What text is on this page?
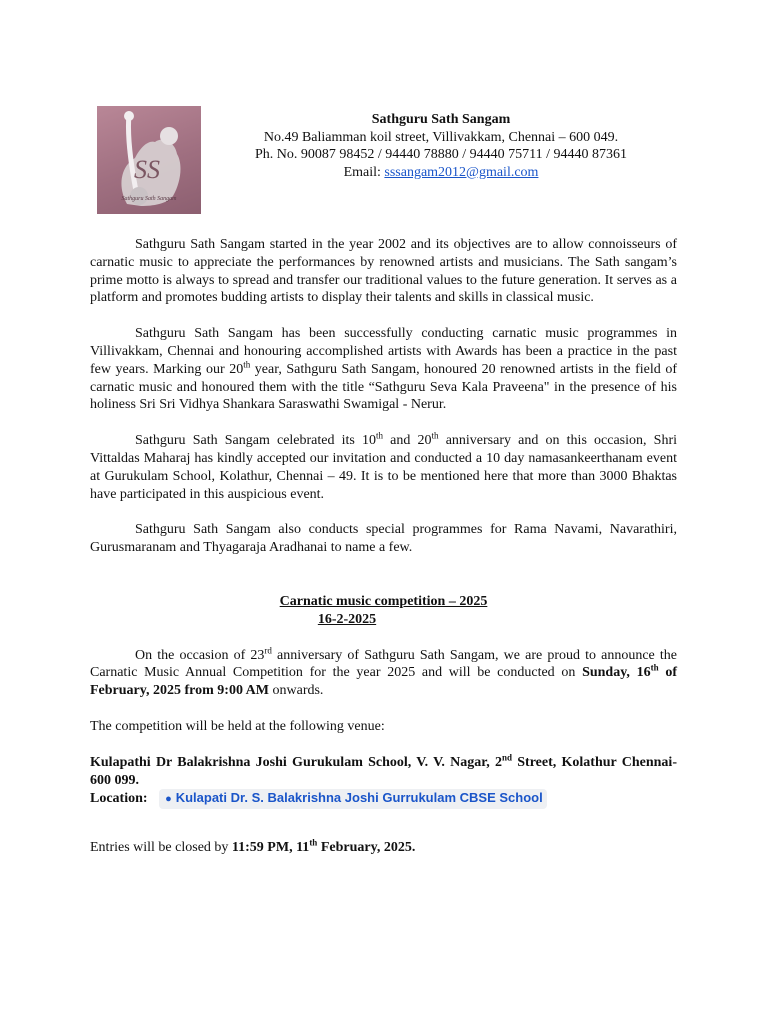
SS
Sathguru Sath Sangam
Sathguru Sath Sangam
No.49 Baliamman koil street, Villivakkam, Chennai – 600 049.
Ph. No. 90087 98452 / 94440 78880 / 94440 75711 / 94440 87361
Email: sssangam2012@gmail.com

Sathguru Sath Sangam started in the year 2002 and its objectives are to allow connoisseurs of carnatic music to appreciate the performances by renowned artists and musicians. The Sath sangam’s prime motto is always to spread and transfer our traditional values to the future generation. It serves as a platform and promotes budding artists to display their talents and skills in classical music.

Sathguru Sath Sangam has been successfully conducting carnatic music programmes in Villivakkam, Chennai and honouring accomplished artists with Awards has been a practice in the past few years. Marking our 20th year, Sathguru Sath Sangam, honoured 20 renowned artists in the field of carnatic music and honoured them with the title “Sathguru Seva Kala Praveena" in the presence of his holiness Sri Sri Vidhya Shankara Saraswathi Swamigal - Nerur.

Sathguru Sath Sangam celebrated its 10th and 20th anniversary and on this occasion, Shri Vittaldas Maharaj has kindly accepted our invitation and conducted a 10 day namasankeerthanam event at Gurukulam School, Kolathur, Chennai – 49. It is to be mentioned here that more than 3000 Bhaktas have participated in this auspicious event.

Sathguru Sath Sangam also conducts special programmes for Rama Navami, Navarathiri, Gurusmaranam and Thyagaraja Aradhanai to name a few.

Carnatic music competition – 2025
16-2-2025

On the occasion of 23rd anniversary of Sathguru Sath Sangam, we are proud to announce the Carnatic Music Annual Competition for the year 2025 and will be conducted on Sunday, 16th of February, 2025 from 9:00 AM onwards.

The competition will be held at the following venue:

Kulapathi Dr Balakrishna Joshi Gurukulam School, V. V. Nagar, 2nd Street, Kolathur Chennai- 600 099.
Location: ● Kulapati Dr. S. Balakrishna Joshi Gurrukulam CBSE School

Entries will be closed by 11:59 PM, 11th February, 2025.
